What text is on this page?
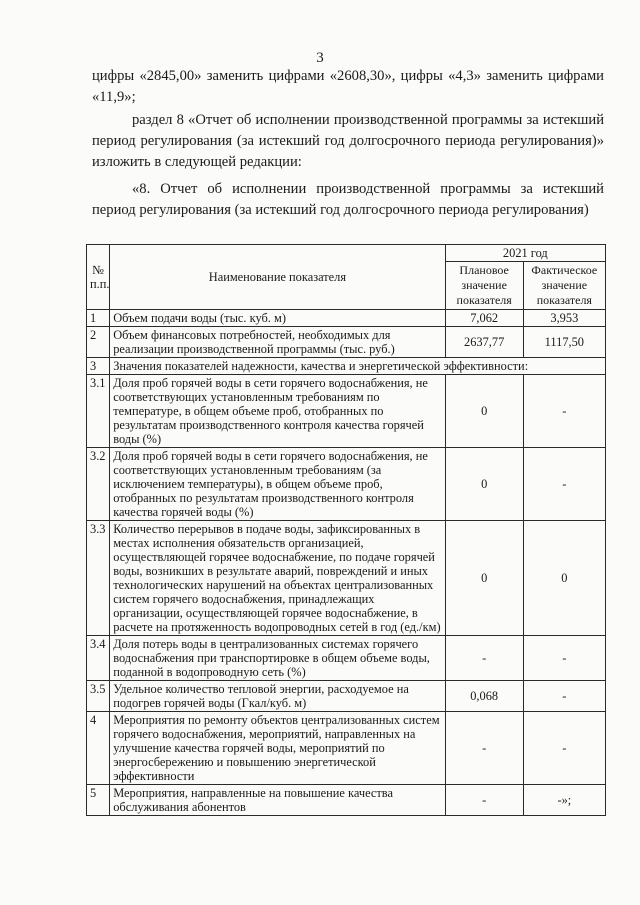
3

цифры «2845,00» заменить цифрами «2608,30», цифры «4,3» заменить цифрами «11,9»;

раздел 8 «Отчет об исполнении производственной программы за истекший период регулирования (за истекший год долгосрочного периода регулирования)» изложить в следующей редакции:

«8. Отчет об исполнении производственной программы за истекший период регулирования (за истекший год долгосрочного периода регулирования)

№ п.п.	Наименование показателя	2021 год	
		Плановое значение показателя	Фактическое значение показателя
1	Объем подачи воды (тыс. куб. м)	7,062	3,953
2	Объем финансовых потребностей, необходимых для реализации производственной программы (тыс. руб.)	2637,77	1117,50
3	Значения показателей надежности, качества и энергетической эффективности:		
3.1	Доля проб горячей воды в сети горячего водоснабжения, не соответствующих установленным требованиям по температуре, в общем объеме проб, отобранных по результатам производственного контроля качества горячей воды (%)	0	-
3.2	Доля проб горячей воды в сети горячего водоснабжения, не соответствующих установленным требованиям (за исключением температуры), в общем объеме проб, отобранных по результатам производственного контроля качества горячей воды (%)	0	-
3.3	Количество перерывов в подаче воды, зафиксированных в местах исполнения обязательств организацией, осуществляющей горячее водоснабжение, по подаче горячей воды, возникших в результате аварий, повреждений и иных технологических нарушений на объектах централизованных систем горячего водоснабжения, принадлежащих организации, осуществляющей горячее водоснабжение, в расчете на протяженность водопроводных сетей в год (ед./км)	0	0
3.4	Доля потерь воды в централизованных системах горячего водоснабжения при транспортировке в общем объеме воды, поданной в водопроводную сеть (%)	-	-
3.5	Удельное количество тепловой энергии, расходуемое на подогрев горячей воды (Гкал/куб. м)	0,068	-
4	Мероприятия по ремонту объектов централизованных систем горячего водоснабжения, мероприятий, направленных на улучшение качества горячей воды, мероприятий по энергосбережению и повышению энергетической эффективности	-	-
5	Мероприятия, направленные на повышение качества обслуживания абонентов	-	-»;
